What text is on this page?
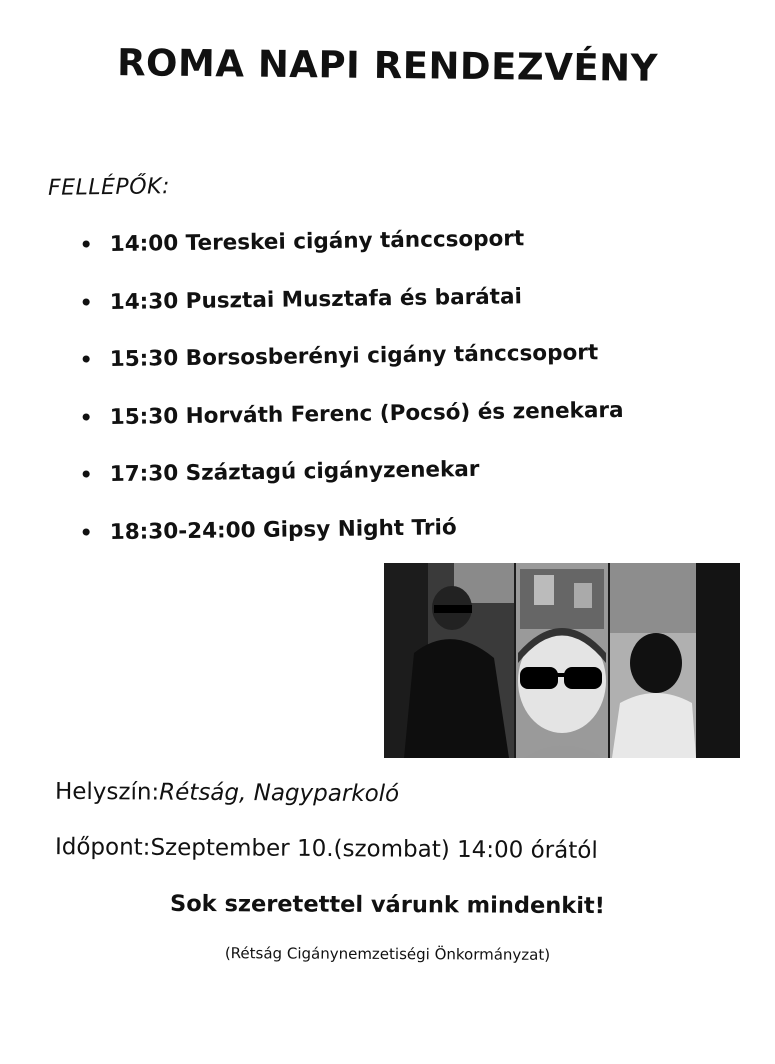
ROMA NAPI RENDEZVÉNY
FELLÉPŐK:
• 14:00 Tereskei cigány tánccsoport
• 14:30 Pusztai Musztafa és barátai
• 15:30 Borsosberényi cigány tánccsoport
• 15:30 Horváth Ferenc (Pocsó) és zenekara
• 17:30 Száztagú cigányzenekar
• 18:30-24:00 Gipsy Night Trió
Helyszín:Rétság, Nagyparkoló
Időpont:Szeptember 10.(szombat) 14:00 órától
Sok szeretettel várunk mindenkit!
(Rétság Cigánynemzetiségi Önkormányzat)
